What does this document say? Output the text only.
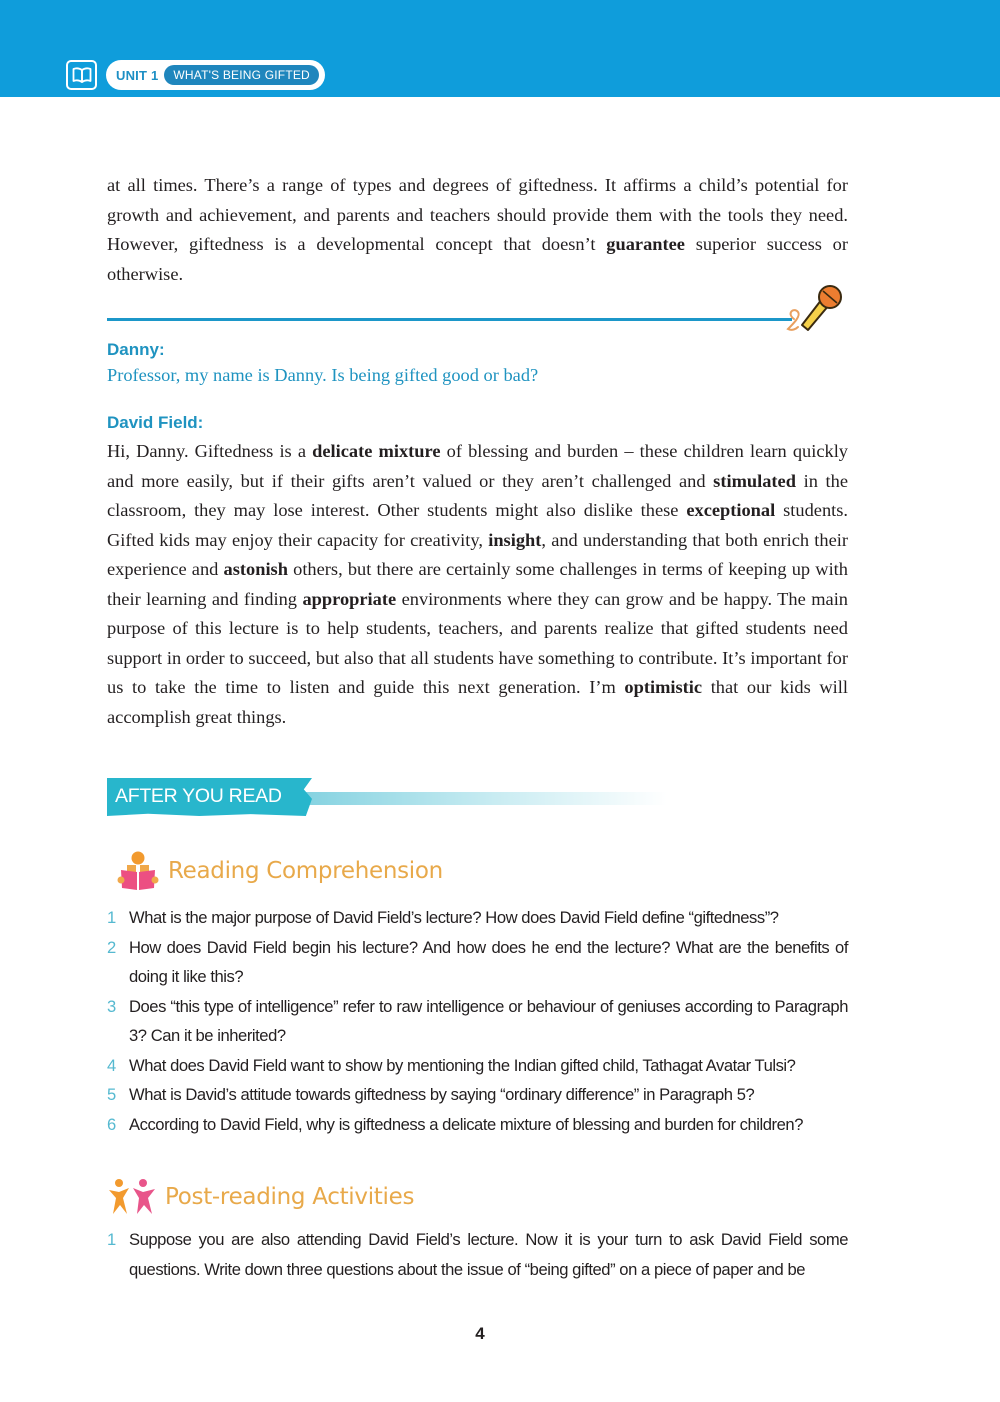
UNIT 1	WHAT'S BEING GIFTED
at all times. There’s a range of types and degrees of giftedness. It affirms a child’s potential for growth and achievement, and parents and teachers should provide them with the tools they need. However, giftedness is a developmental concept that doesn’t guarantee superior success or otherwise.
Danny:
Professor, my name is Danny. Is being gifted good or bad?
David Field:
Hi, Danny. Giftedness is a delicate mixture of blessing and burden – these children learn quickly and more easily, but if their gifts aren’t valued or they aren’t challenged and stimulated in the classroom, they may lose interest. Other students might also dislike these exceptional students. Gifted kids may enjoy their capacity for creativity, insight, and understanding that both enrich their experience and astonish others, but there are certainly some challenges in terms of keeping up with their learning and finding appropriate environments where they can grow and be happy. The main purpose of this lecture is to help students, teachers, and parents realize that gifted students need support in order to succeed, but also that all students have something to contribute. It’s important for us to take the time to listen and guide this next generation. I’m optimistic that our kids will accomplish great things.
AFTER YOU READ
Reading Comprehension
1 What is the major purpose of David Field’s lecture? How does David Field define “giftedness”?
2 How does David Field begin his lecture? And how does he end the lecture? What are the benefits of doing it like this?
3 Does “this type of intelligence” refer to raw intelligence or behaviour of geniuses according to Paragraph 3? Can it be inherited?
4 What does David Field want to show by mentioning the Indian gifted child, Tathagat Avatar Tulsi?
5 What is David’s attitude towards giftedness by saying “ordinary difference” in Paragraph 5?
6 According to David Field, why is giftedness a delicate mixture of blessing and burden for children?
Post-reading Activities
1 Suppose you are also attending David Field’s lecture. Now it is your turn to ask David Field some questions. Write down three questions about the issue of “being gifted” on a piece of paper and be
4
